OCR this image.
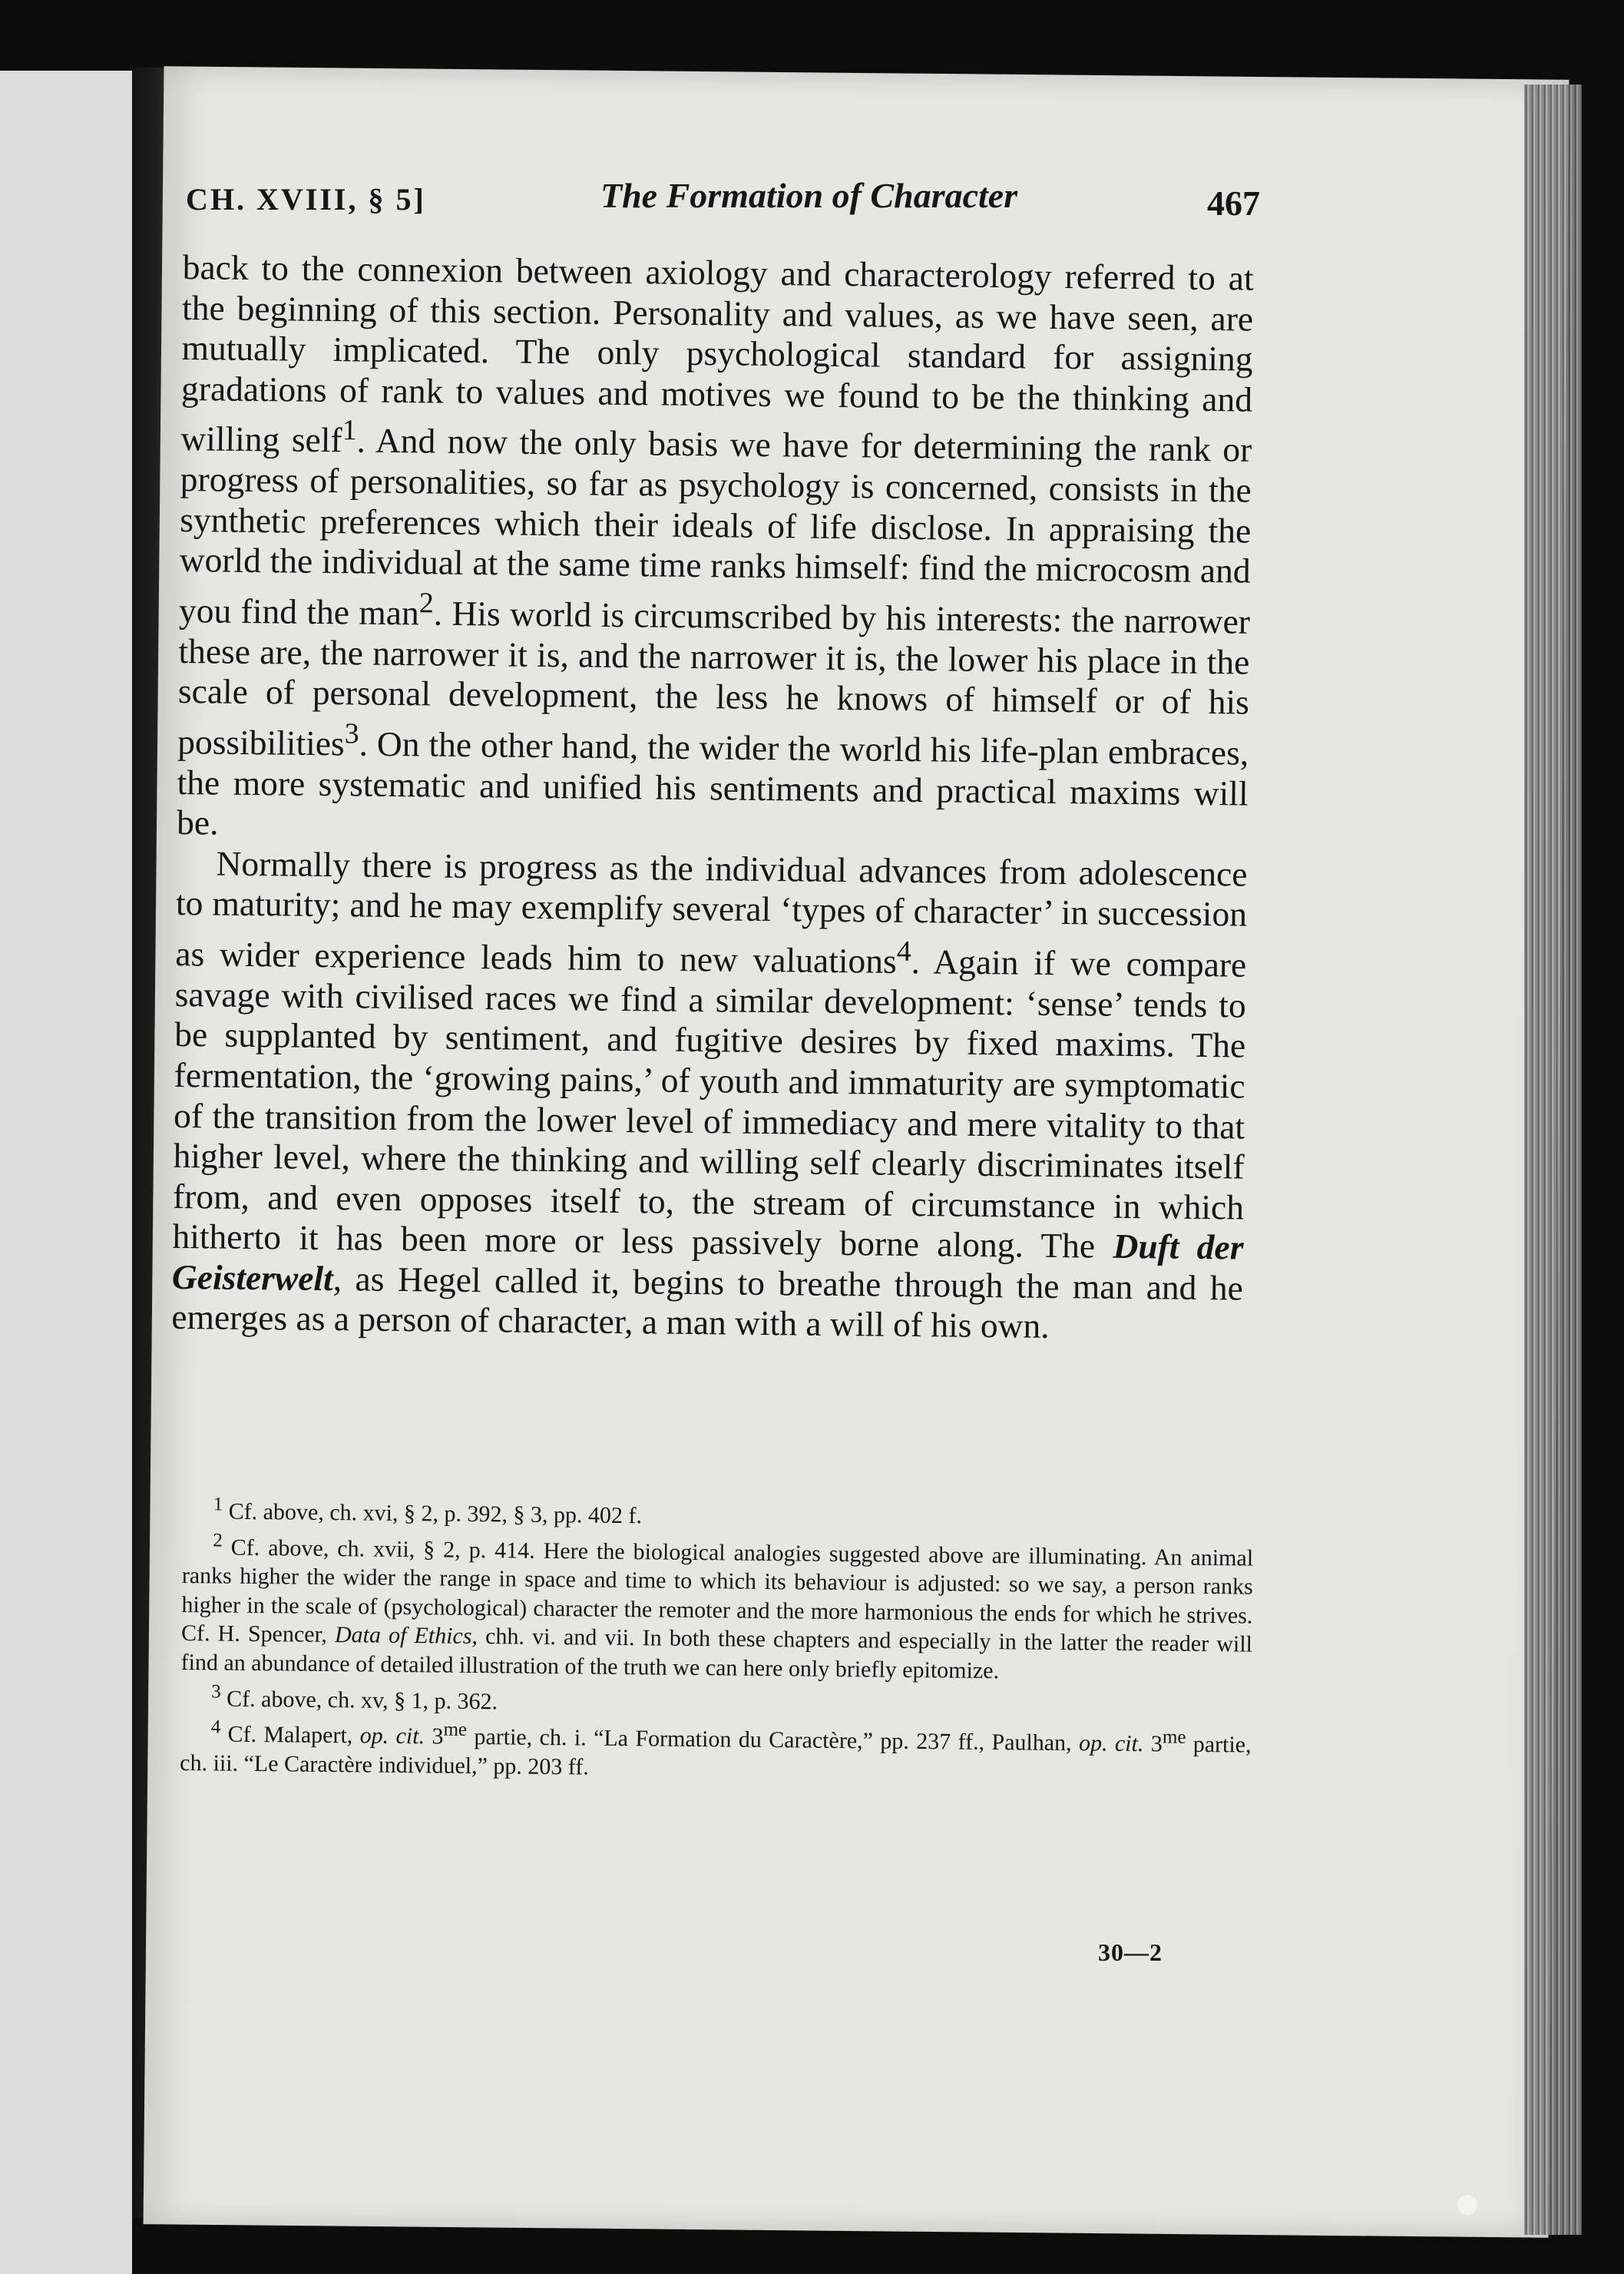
CH. XVIII, § 5]	The Formation of Character	467

back to the connexion between axiology and characterology referred to at the beginning of this section. Personality and values, as we have seen, are mutually implicated. The only psychological standard for assigning gradations of rank to values and motives we found to be the thinking and willing self$^1$. And now the only basis we have for determining the rank or progress of personalities, so far as psychology is concerned, consists in the synthetic preferences which their ideals of life disclose. In appraising the world the individual at the same time ranks himself: find the microcosm and you find the man$^2$. His world is circumscribed by his interests: the narrower these are, the narrower it is, and the narrower it is, the lower his place in the scale of personal development, the less he knows of himself or of his possibilities$^3$. On the other hand, the wider the world his life-plan embraces, the more systematic and unified his sentiments and practical maxims will be.

Normally there is progress as the individual advances from adolescence to maturity; and he may exemplify several ‘types of character’ in succession as wider experience leads him to new valuations$^4$. Again if we compare savage with civilised races we find a similar development: ‘sense’ tends to be supplanted by sentiment, and fugitive desires by fixed maxims. The fermentation, the ‘growing pains,’ of youth and immaturity are symptomatic of the transition from the lower level of immediacy and mere vitality to that higher level, where the thinking and willing self clearly discriminates itself from, and even opposes itself to, the stream of circumstance in which hitherto it has been more or less passively borne along. The Duft der Geisterwelt, as Hegel called it, begins to breathe through the man and he emerges as a person of character, a man with a will of his own.

$^1$ Cf. above, ch. xvi, § 2, p. 392, § 3, pp. 402 f.

$^2$ Cf. above, ch. xvii, § 2, p. 414. Here the biological analogies suggested above are illuminating. An animal ranks higher the wider the range in space and time to which its behaviour is adjusted: so we say, a person ranks higher in the scale of (psychological) character the remoter and the more harmonious the ends for which he strives. Cf. H. Spencer, Data of Ethics, chh. vi. and vii. In both these chapters and especially in the latter the reader will find an abundance of detailed illustration of the truth we can here only briefly epitomize.

$^3$ Cf. above, ch. xv, § 1, p. 362.

$^4$ Cf. Malapert, op. cit. $3^{me}$ partie, ch. i. “La Formation du Caractère,” pp. 237 ff., Paulhan, op. cit. $3^{me}$ partie, ch. iii. “Le Caractère individuel,” pp. 203 ff.

30—2
